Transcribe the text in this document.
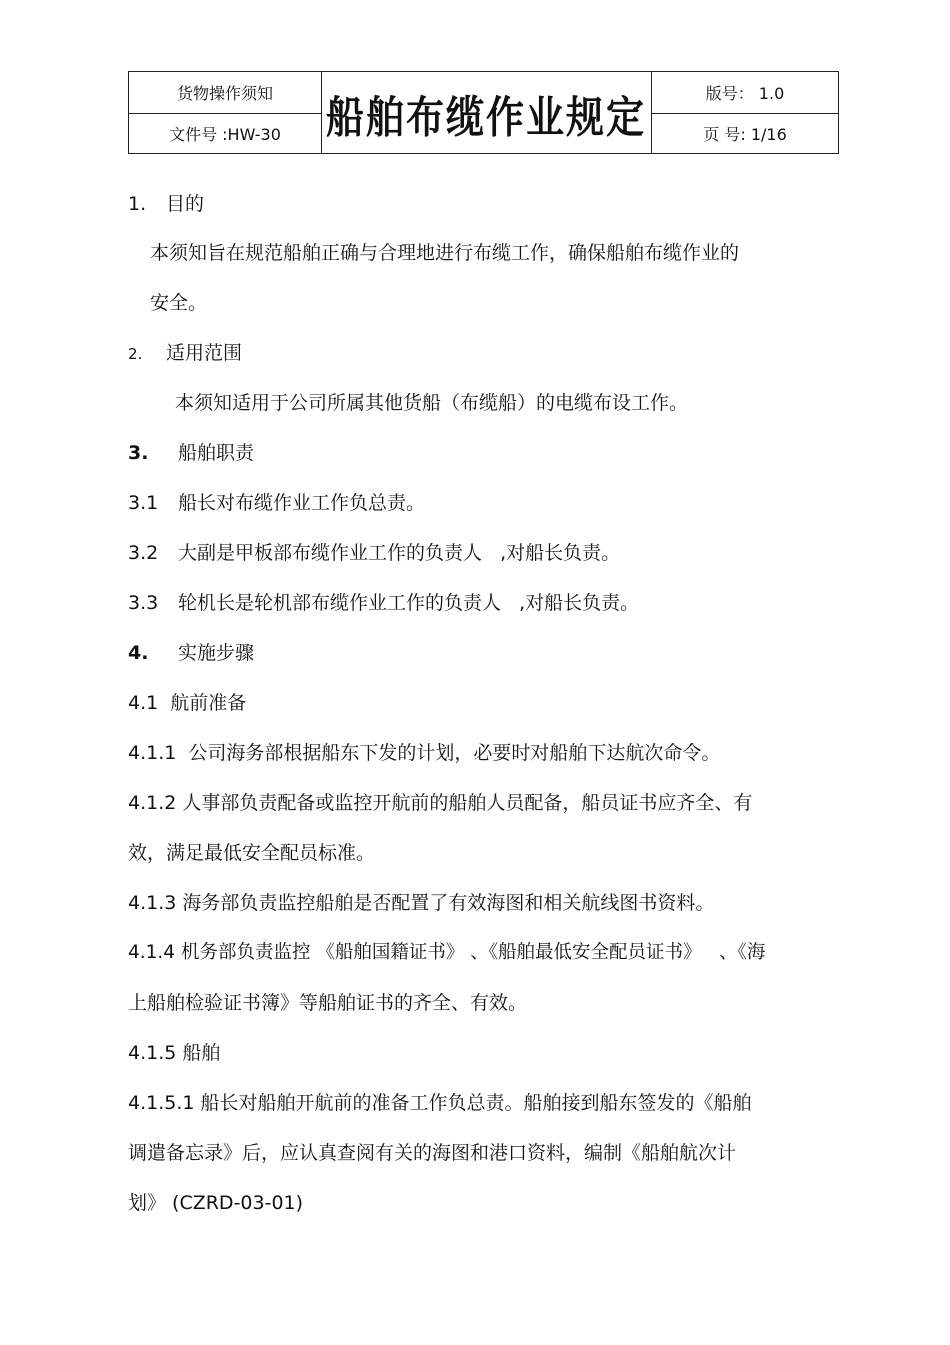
货物操作须知
文件号 :HW-30	船舶布缆作业规定	版号： 1.0
页 号: 1/16
1. 目的
本须知旨在规范船舶正确与合理地进行布缆工作，确保船舶布缆作业的
安全。
2. 适用范围
本须知适用于公司所属其他货船（布缆船）的电缆布设工作。
3. 船舶职责
3.1 船长对布缆作业工作负总责。
3.2 大副是甲板部布缆作业工作的负责人   ,对船长负责。
3.3 轮机长是轮机部布缆作业工作的负责人   ,对船长负责。
4. 实施步骤
4.1  航前准备
4.1.1  公司海务部根据船东下发的计划，必要时对船舶下达航次命令。
4.1.2 人事部负责配备或监控开航前的船舶人员配备，船员证书应齐全、有
效，满足最低安全配员标准。
4.1.3 海务部负责监控船舶是否配置了有效海图和相关航线图书资料。
4.1.4 机务部负责监控 《船舶国籍证书》 、《船舶最低安全配员证书》   、《海
上船舶检验证书簿》等船舶证书的齐全、有效。
4.1.5 船舶
4.1.5.1 船长对船舶开航前的准备工作负总责。船舶接到船东签发的《船舶
调遣备忘录》后，应认真查阅有关的海图和港口资料，编制《船舶航次计
划》 (CZRD-03-01)
